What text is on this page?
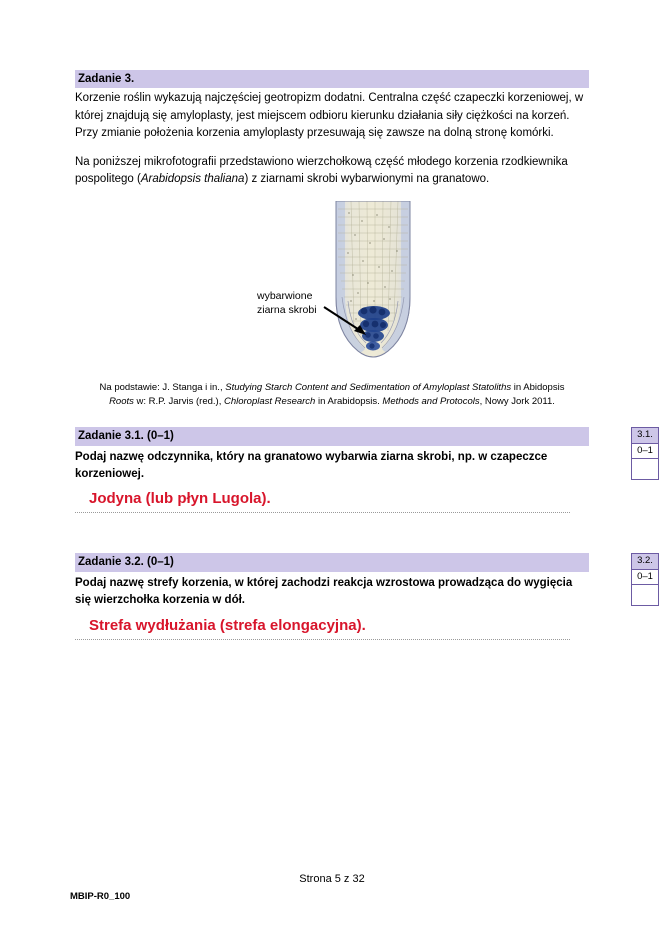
Zadanie 3.

Korzenie roślin wykazują najczęściej geotropizm dodatni. Centralna część czapeczki korzeniowej, w której znajdują się amyloplasty, jest miejscem odbioru kierunku działania siły ciężkości na korzeń. Przy zmianie położenia korzenia amyloplasty przesuwają się zawsze na dolną stronę komórki.

Na poniższej mikrofotografii przedstawiono wierzchołkową część młodego korzenia rzodkiewnika pospolitego (Arabidopsis thaliana) z ziarnami skrobi wybarwionymi na granatowo.

wybarwione
ziarna skrobi
Na podstawie: J. Stanga i in., Studying Starch Content and Sedimentation of Amyloplast Statoliths in Abidopsis
Roots w: R.P. Jarvis (red.), Chloroplast Research in Arabidopsis. Methods and Protocols, Nowy Jork 2011.
Zadanie 3.1. (0–1)
Podaj nazwę odczynnika, który na granatowo wybarwia ziarna skrobi, np. w czapeczce korzeniowej.
Jodyna (lub płyn Lugola).
3.1.
0–1
Zadanie 3.2. (0–1)
Podaj nazwę strefy korzenia, w której zachodzi reakcja wzrostowa prowadząca do wygięcia się wierzchołka korzenia w dół.
Strefa wydłużania (strefa elongacyjna).
3.2.
0–1
Strona 5 z 32
MBIP-R0_100
